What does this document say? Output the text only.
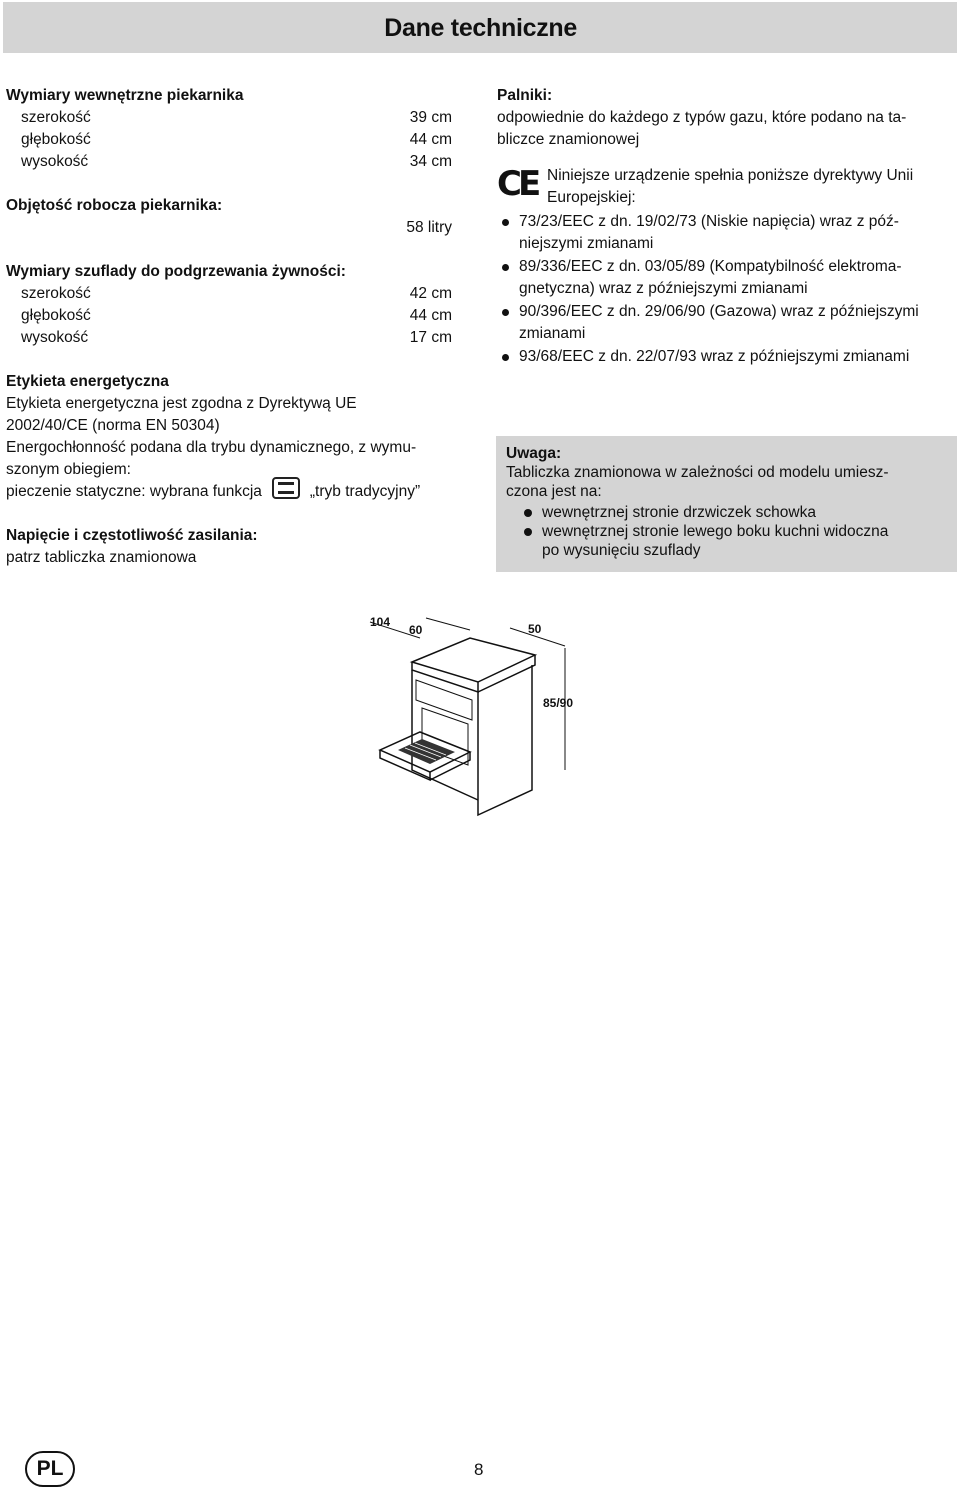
Dane techniczne
Wymiary wewnętrzne piekarnika
szerokość	39 cm
głębokość	44 cm
wysokość	34 cm
Objętość robocza piekarnika:
58 litry
Wymiary szuflady do podgrzewania żywności:
szerokość	42 cm
głębokość	44 cm
wysokość	17 cm
Etykieta energetyczna
Etykieta energetyczna jest zgodna z Dyrektywą UE
2002/40/CE (norma EN 50304)
Energochłonność podana dla trybu dynamicznego, z wymu-
szonym obiegiem:
pieczenie statyczne: wybrana funkcja	„tryb tradycyjny”
Napięcie i częstotliwość zasilania:
patrz tabliczka znamionowa
Palniki:
odpowiednie do każdego z typów gazu, które podano na ta-
bliczce znamionowej
CE Niniejsze urządzenie spełnia poniższe dyrektywy Unii
Europejskiej:
73/23/EEC z dn. 19/02/73 (Niskie napięcia) wraz z póź-
niejszymi zmianami
89/336/EEC z dn. 03/05/89 (Kompatybilność elektroma-
gnetyczna) wraz z późniejszymi zmianami
90/396/EEC z dn. 29/06/90 (Gazowa) wraz z późniejszymi
zmianami
93/68/EEC z dn. 22/07/93 wraz z późniejszymi zmianami
Uwaga:
Tabliczka znamionowa w zależności od modelu umiesz-
czona jest na:
wewnętrznej stronie drzwiczek schowka
wewnętrznej stronie lewego boku kuchni widoczna
po wysunięciu szuflady
104
60	50
85/90
PL	8
